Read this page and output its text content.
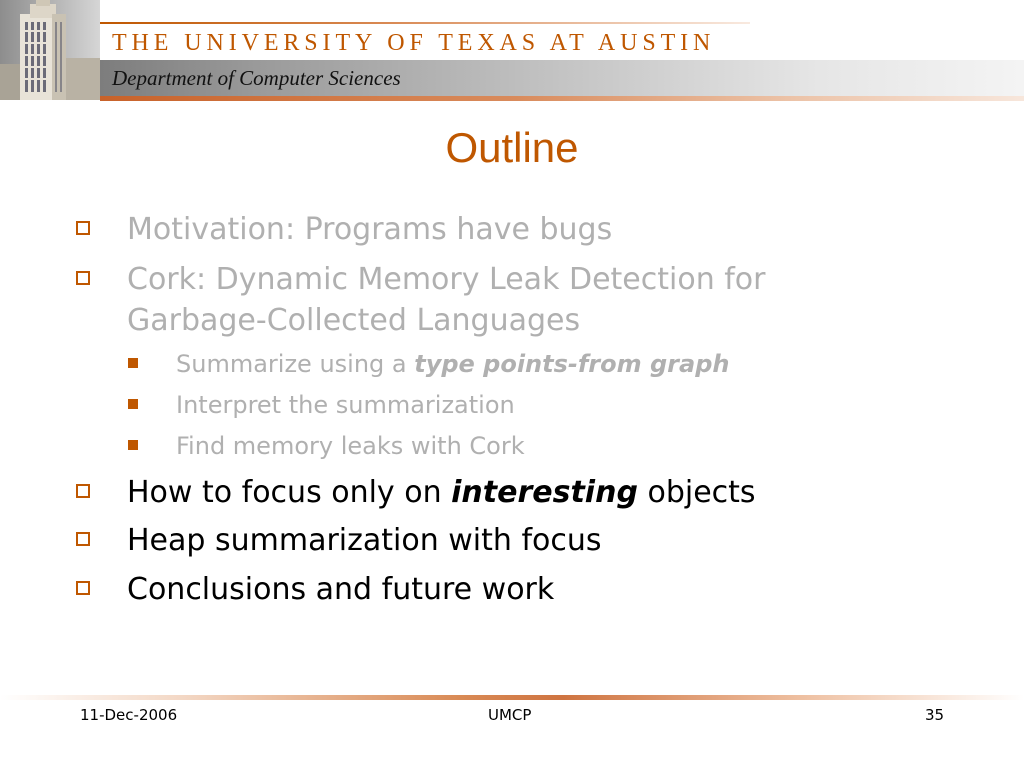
THE UNIVERSITY OF TEXAS AT AUSTIN
Department of Computer Sciences
Outline
Motivation: Programs have bugs
Cork: Dynamic Memory Leak Detection for
Garbage-Collected Languages
Summarize using a type points-from graph
Interpret the summarization
Find memory leaks with Cork
How to focus only on interesting objects
Heap summarization with focus
Conclusions and future work
11-Dec-2006	UMCP	35
